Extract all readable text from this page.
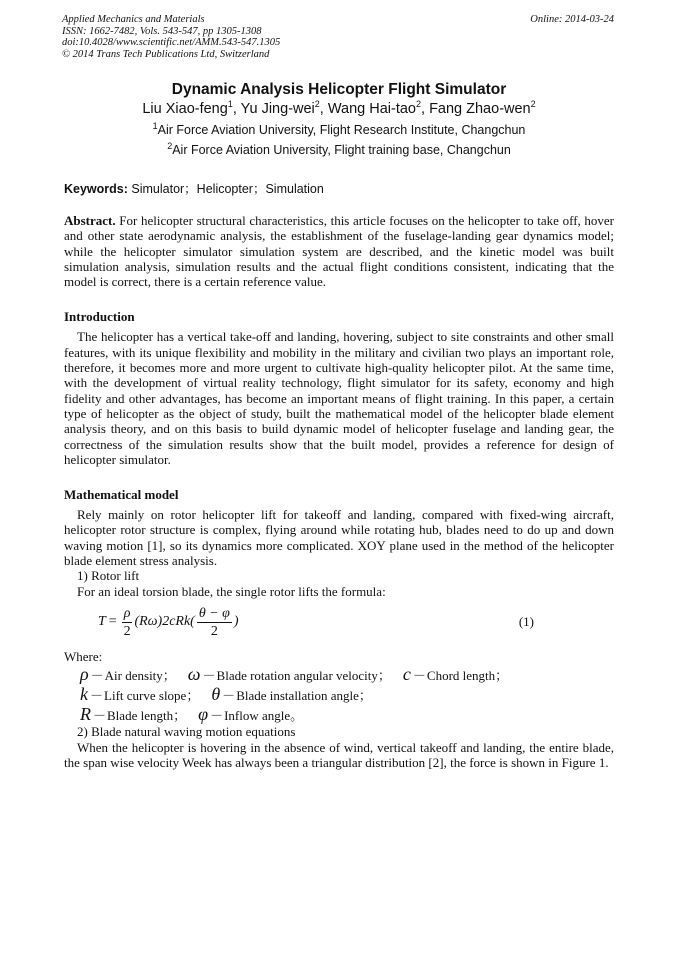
Applied Mechanics and Materials
ISSN: 1662-7482, Vols. 543-547, pp 1305-1308
doi:10.4028/www.scientific.net/AMM.543-547.1305
© 2014 Trans Tech Publications Ltd, Switzerland
Online: 2014-03-24
Dynamic Analysis Helicopter Flight Simulator
Liu Xiao-feng$^1$, Yu Jing-wei$^2$, Wang Hai-tao$^2$, Fang Zhao-wen$^2$
$^1$Air Force Aviation University, Flight Research Institute, Changchun
$^2$Air Force Aviation University, Flight training base, Changchun
Keywords: Simulator；Helicopter；Simulation
Abstract. For helicopter structural characteristics, this article focuses on the helicopter to take off, hover and other state aerodynamic analysis, the establishment of the fuselage-landing gear dynamics model; while the helicopter simulator simulation system are described, and the kinetic model was built simulation analysis, simulation results and the actual flight conditions consistent, indicating that the model is correct, there is a certain reference value.
Introduction

The helicopter has a vertical take-off and landing, hovering, subject to site constraints and other small features, with its unique flexibility and mobility in the military and civilian two plays an important role, therefore, it becomes more and more urgent to cultivate high-quality helicopter pilot. At the same time, with the development of virtual reality technology, flight simulator for its safety, economy and high fidelity and other advantages, has become an important means of flight training. In this paper, a certain type of helicopter as the object of study, built the mathematical model of the helicopter blade element analysis theory, and on this basis to build dynamic model of helicopter fuselage and landing gear, the correctness of the simulation results show that the built model, provides a reference for design of helicopter simulator.

Mathematical model

Rely mainly on rotor helicopter lift for takeoff and landing, compared with fixed-wing aircraft, helicopter rotor structure is complex, flying around while rotating hub, blades need to do up and down waving motion [1], so its dynamics more complicated. XOY plane used in the method of the helicopter blade element stress analysis.

1) Rotor lift
For an ideal torsion blade, the single rotor lifts the formula:
$T = \frac{\rho}{2} (R\omega)2cRk( \frac{\theta - \varphi}{2}$ )	(1)
Where:
ρ － Air density； ω － Blade rotation angular velocity； c － Chord length；
k － Lift curve slope； θ － Blade installation angle；
R － Blade length； φ － Inflow angle。
2) Blade natural waving motion equations

When the helicopter is hovering in the absence of wind, vertical takeoff and landing, the entire blade, the span wise velocity Week has always been a triangular distribution [2], the force is shown in Figure 1.
